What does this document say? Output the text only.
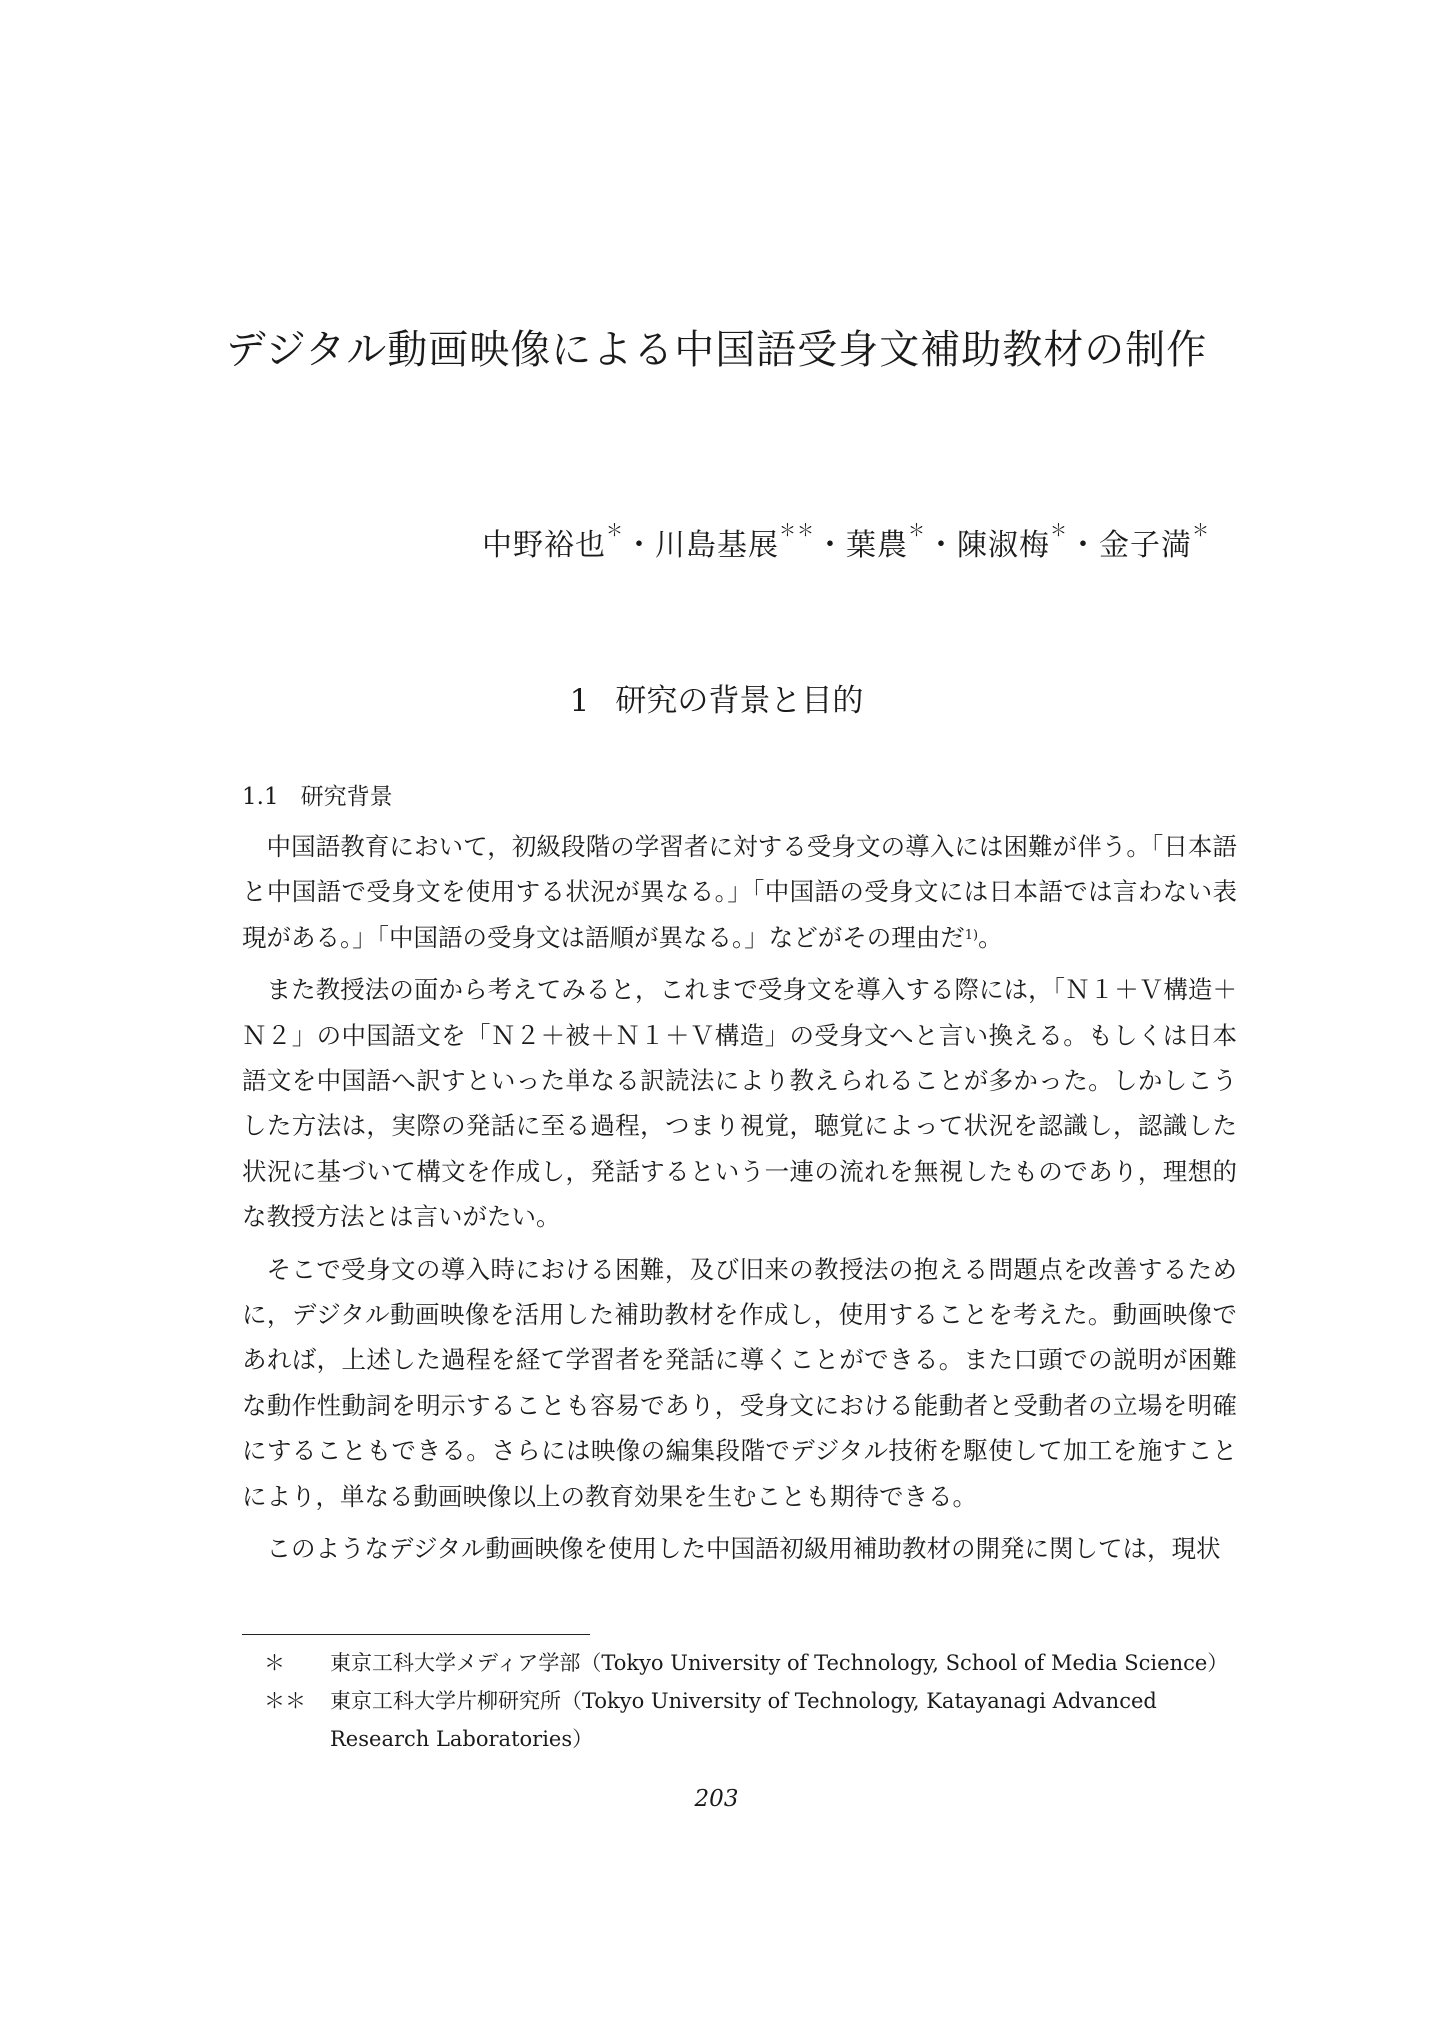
デジタル動画映像による中国語受身文補助教材の制作
中野裕也＊・川島基展＊＊・葉農＊・陳淑梅＊・金子満＊
1 研究の背景と目的
1.1 研究背景

中国語教育において，初級段階の学習者に対する受身文の導入には困難が伴う。「日本語と中国語で受身文を使用する状況が異なる。」「中国語の受身文には日本語では言わない表現がある。」「中国語の受身文は語順が異なる。」などがその理由だ$^{1)}$。

また教授法の面から考えてみると，これまで受身文を導入する際には，「Ｎ１＋Ｖ構造＋Ｎ２」の中国語文を「Ｎ２＋被＋Ｎ１＋Ｖ構造」の受身文へと言い換える。もしくは日本語文を中国語へ訳すといった単なる訳読法により教えられることが多かった。しかしこうした方法は，実際の発話に至る過程，つまり視覚，聴覚によって状況を認識し，認識した状況に基づいて構文を作成し，発話するという一連の流れを無視したものであり，理想的な教授方法とは言いがたい。

そこで受身文の導入時における困難，及び旧来の教授法の抱える問題点を改善するために，デジタル動画映像を活用した補助教材を作成し，使用することを考えた。動画映像であれば，上述した過程を経て学習者を発話に導くことができる。また口頭での説明が困難な動作性動詞を明示することも容易であり，受身文における能動者と受動者の立場を明確にすることもできる。さらには映像の編集段階でデジタル技術を駆使して加工を施すことにより，単なる動画映像以上の教育効果を生むことも期待できる。

このようなデジタル動画映像を使用した中国語初級用補助教材の開発に関しては，現状

＊	東京工科大学メディア学部（Tokyo University of Technology, School of Media Science）
＊＊	東京工科大学片柳研究所（Tokyo University of Technology, Katayanagi Advanced Research Laboratories）
203
